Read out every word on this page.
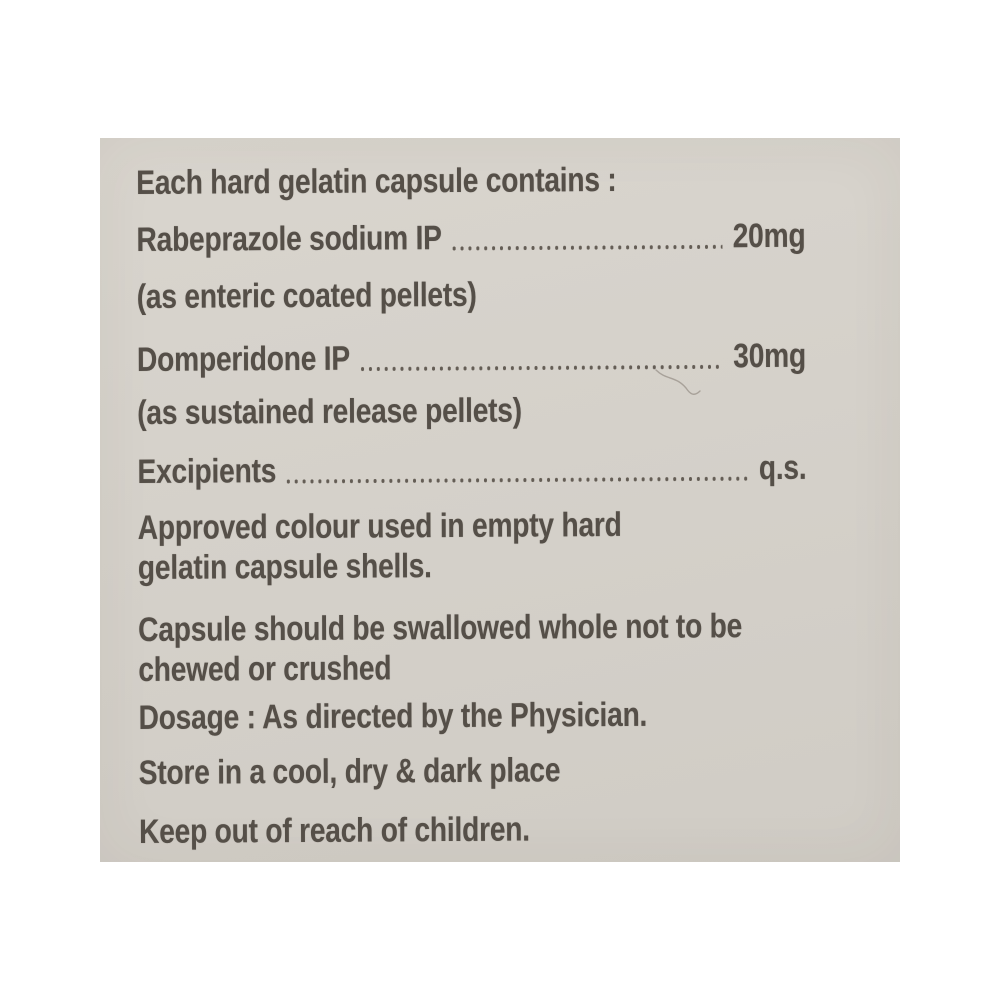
Each hard gelatin capsule contains :
Rabeprazole sodium IP	20mg
(as enteric coated pellets)
Domperidone IP	30mg
(as sustained release pellets)
Excipients	q.s.
Approved colour used in empty hard
gelatin capsule shells.
Capsule should be swallowed whole not to be
chewed or crushed
Dosage : As directed by the Physician.
Store in a cool, dry & dark place
Keep out of reach of children.
